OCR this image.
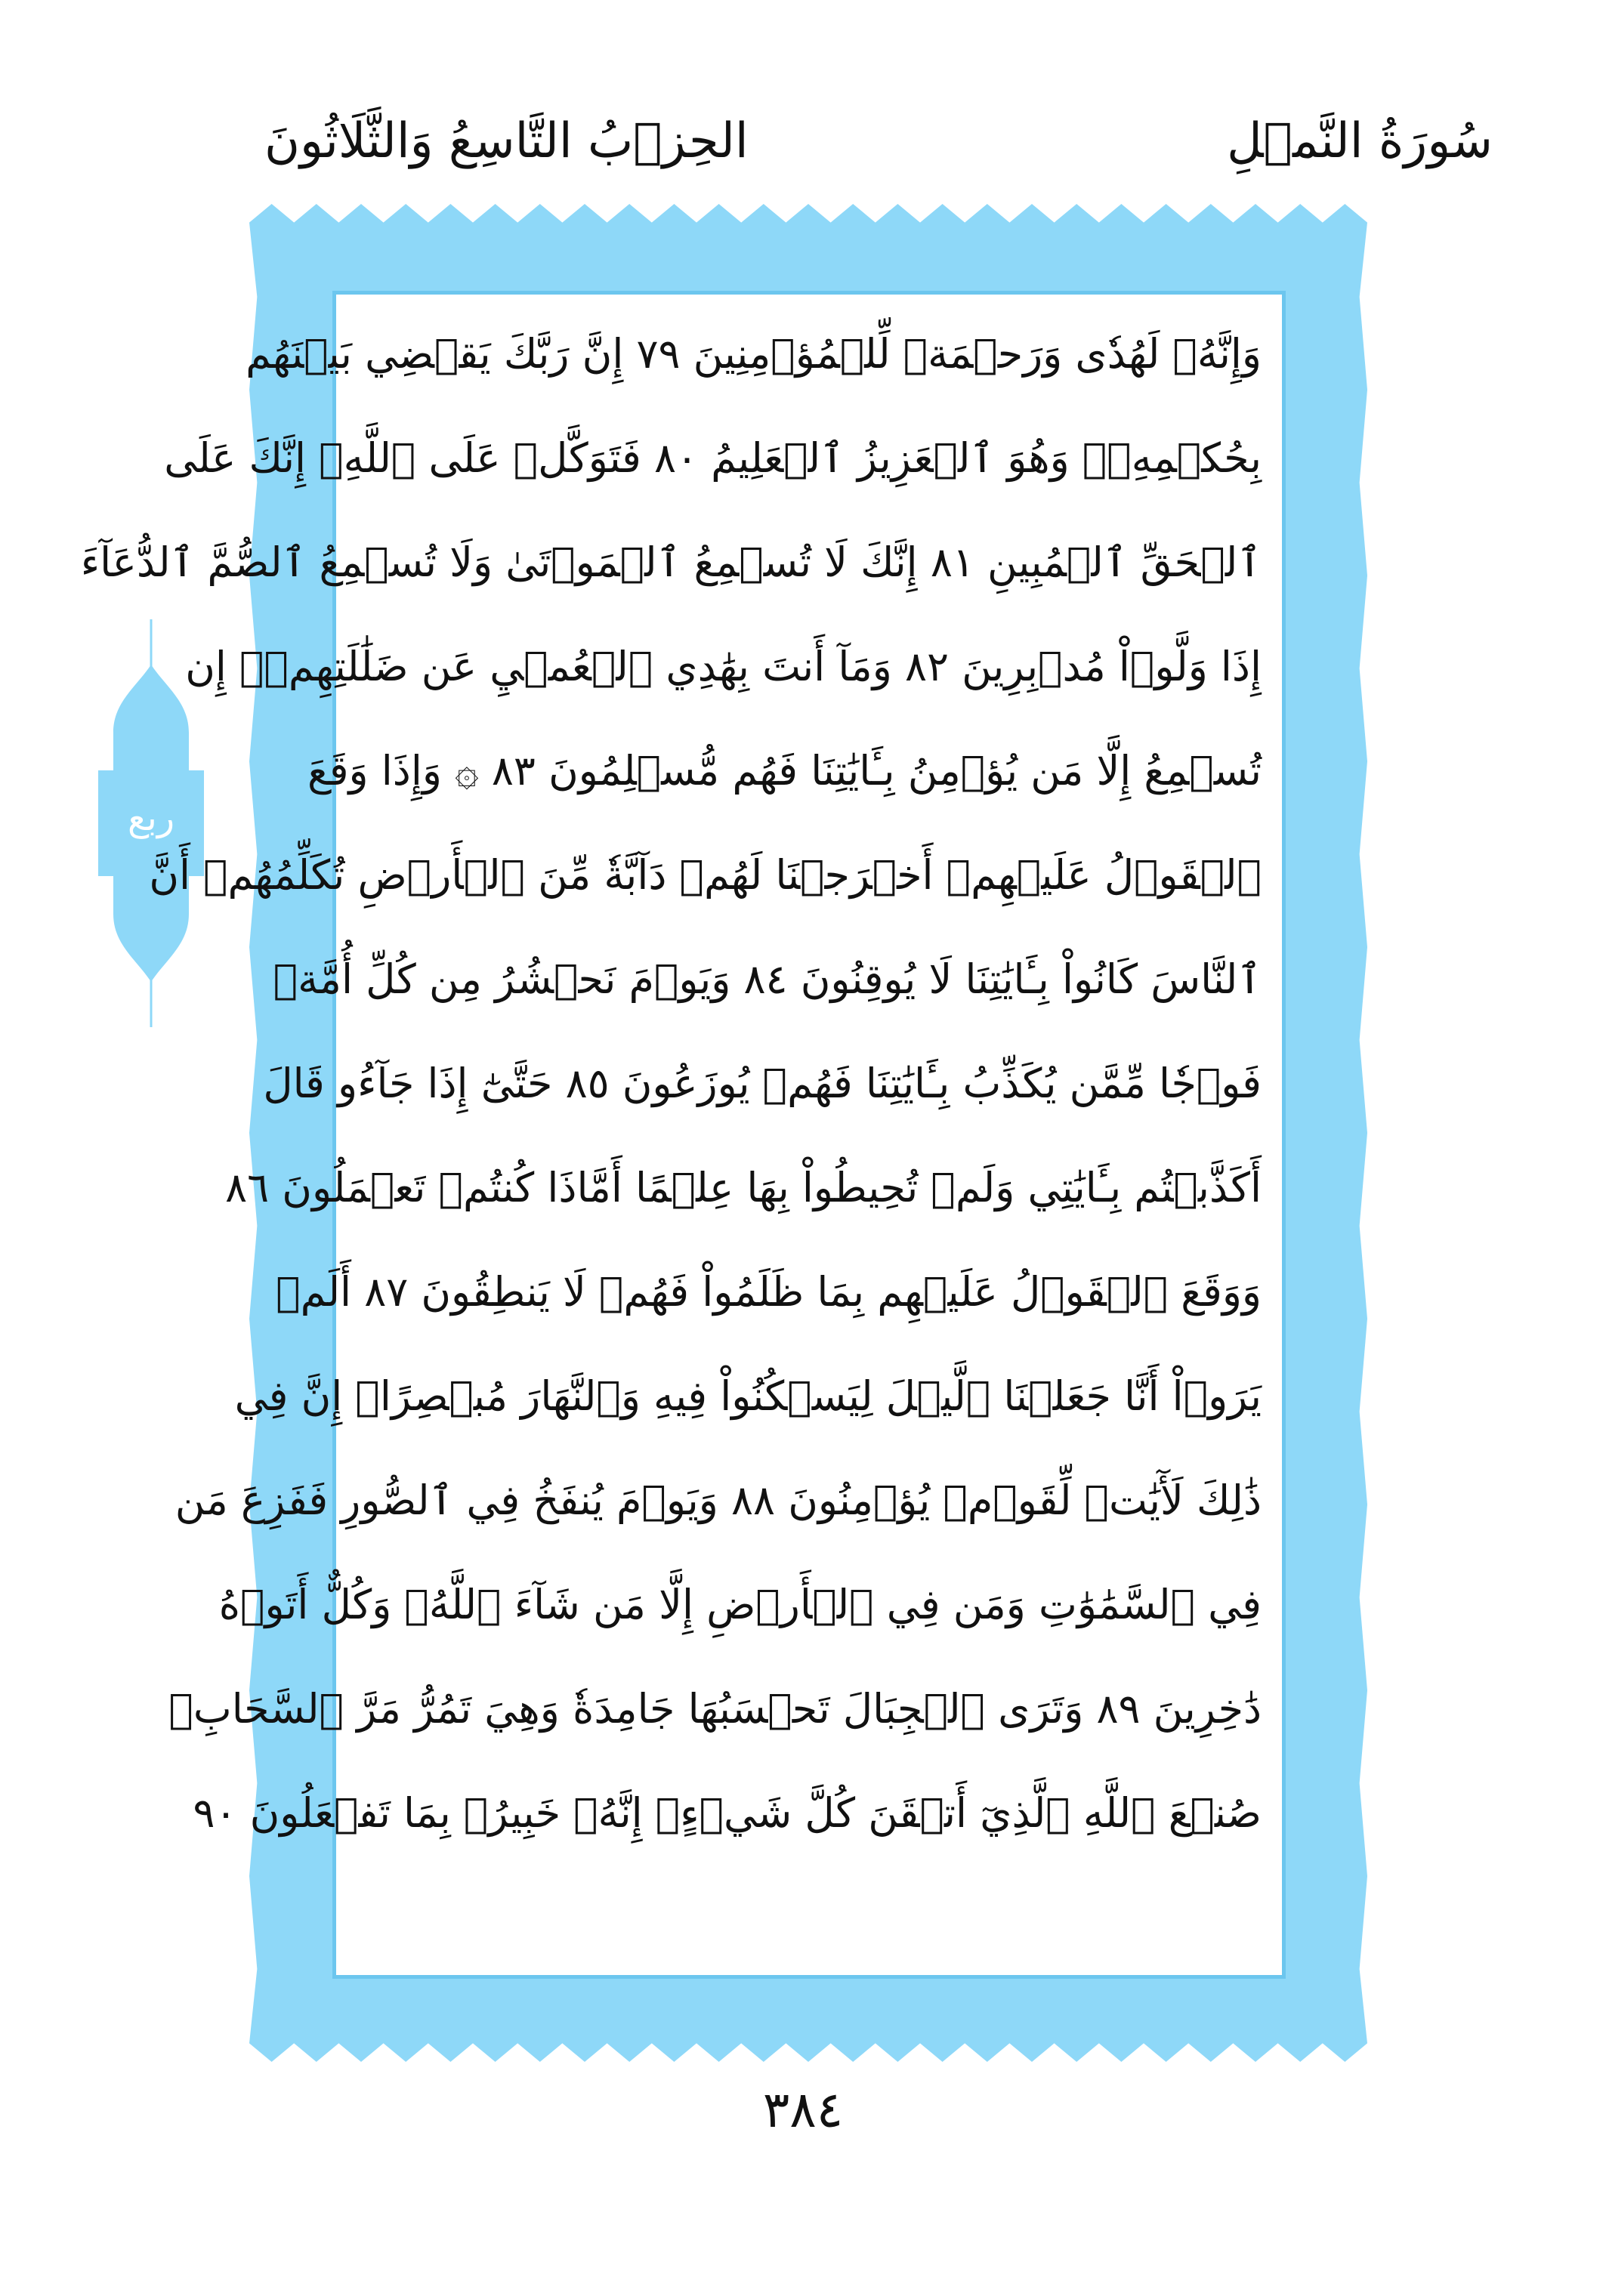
سُورَةُ النَّمۡلِ
الحِزۡبُ التَّاسِعُ وَالثَّلَاثُونَ
ربع
وَإِنَّهُۥ لَهُدٗى وَرَحۡمَةٞ لِّلۡمُؤۡمِنِينَ ٧٩ إِنَّ رَبَّكَ يَقۡضِي بَيۡنَهُم
بِحُكۡمِهِۦۚ وَهُوَ ٱلۡعَزِيزُ ٱلۡعَلِيمُ ٨٠ فَتَوَكَّلۡ عَلَى ٱللَّهِۖ إِنَّكَ عَلَى
ٱلۡحَقِّ ٱلۡمُبِينِ ٨١ إِنَّكَ لَا تُسۡمِعُ ٱلۡمَوۡتَىٰ وَلَا تُسۡمِعُ ٱلصُّمَّ ٱلدُّعَآءَ
إِذَا وَلَّوۡاْ مُدۡبِرِينَ ٨٢ وَمَآ أَنتَ بِهَٰدِي ٱلۡعُمۡيِ عَن ضَلَٰلَتِهِمۡۖ إِن
تُسۡمِعُ إِلَّا مَن يُؤۡمِنُ بِـَٔايَٰتِنَا فَهُم مُّسۡلِمُونَ ٨٣ ۞ وَإِذَا وَقَعَ
ٱلۡقَوۡلُ عَلَيۡهِمۡ أَخۡرَجۡنَا لَهُمۡ دَآبَّةٗ مِّنَ ٱلۡأَرۡضِ تُكَلِّمُهُمۡ أَنَّ
ٱلنَّاسَ كَانُواْ بِـَٔايَٰتِنَا لَا يُوقِنُونَ ٨٤ وَيَوۡمَ نَحۡشُرُ مِن كُلِّ أُمَّةٖ
فَوۡجٗا مِّمَّن يُكَذِّبُ بِـَٔايَٰتِنَا فَهُمۡ يُوزَعُونَ ٨٥ حَتَّىٰٓ إِذَا جَآءُو قَالَ
أَكَذَّبۡتُم بِـَٔايَٰتِي وَلَمۡ تُحِيطُواْ بِهَا عِلۡمًا أَمَّاذَا كُنتُمۡ تَعۡمَلُونَ ٨٦
وَوَقَعَ ٱلۡقَوۡلُ عَلَيۡهِم بِمَا ظَلَمُواْ فَهُمۡ لَا يَنطِقُونَ ٨٧ أَلَمۡ
يَرَوۡاْ أَنَّا جَعَلۡنَا ٱلَّيۡلَ لِيَسۡكُنُواْ فِيهِ وَٱلنَّهَارَ مُبۡصِرًاۚ إِنَّ فِي
ذَٰلِكَ لَأٓيَٰتٖ لِّقَوۡمٖ يُؤۡمِنُونَ ٨٨ وَيَوۡمَ يُنفَخُ فِي ٱلصُّورِ فَفَزِعَ مَن
فِي ٱلسَّمَٰوَٰتِ وَمَن فِي ٱلۡأَرۡضِ إِلَّا مَن شَآءَ ٱللَّهُۚ وَكُلٌّ أَتَوۡهُ
دَٰخِرِينَ ٨٩ وَتَرَى ٱلۡجِبَالَ تَحۡسَبُهَا جَامِدَةٗ وَهِيَ تَمُرُّ مَرَّ ٱلسَّحَابِۚ
صُنۡعَ ٱللَّهِ ٱلَّذِيٓ أَتۡقَنَ كُلَّ شَيۡءٍۚ إِنَّهُۥ خَبِيرُۢ بِمَا تَفۡعَلُونَ ٩٠
٣٨٤
